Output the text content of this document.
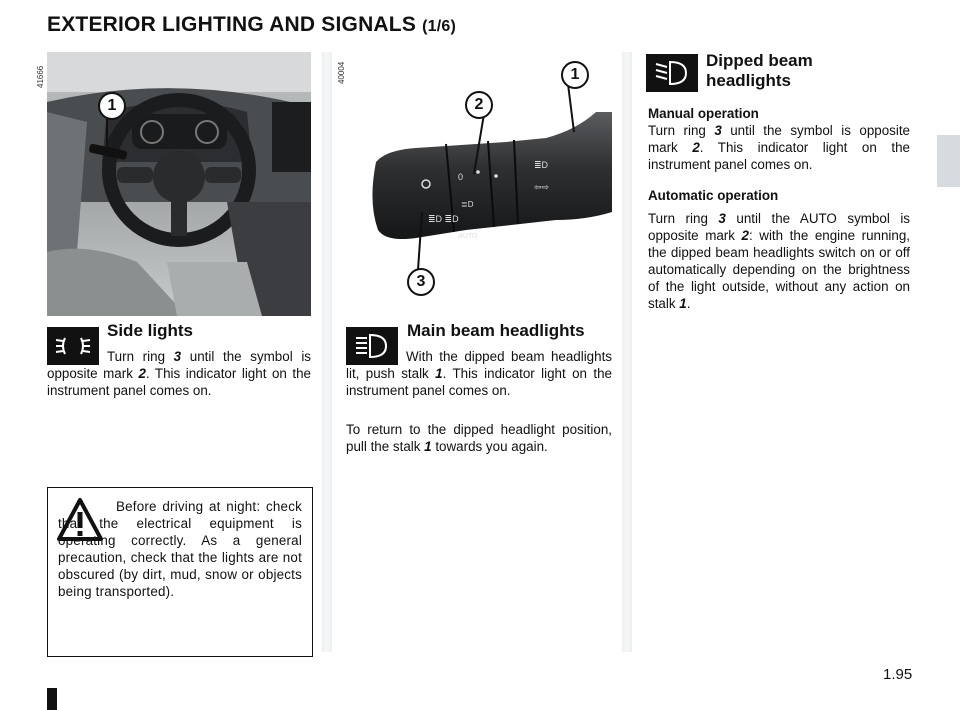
EXTERIOR LIGHTING AND SIGNALS (1/6)
41666
1
40004
0
≣D
≣D ≣D
AUTO
≣D
⇦⇨
1
2
3
Side lights
Turn ring 3 until the symbol is opposite mark 2. This indicator light on the instrument panel comes on.
Main beam headlights
With the dipped beam headlights lit, push stalk 1. This indicator light on the instrument panel comes on.
To return to the dipped headlight position, pull the stalk 1 towards you again.
Dipped beam
headlights
Manual operation
Turn ring 3 until the symbol is opposite mark 2. This indicator light on the instrument panel comes on.
Automatic operation
Turn ring 3 until the AUTO symbol is opposite mark 2: with the engine running, the dipped beam headlights switch on or off automatically depending on the brightness of the light outside, without any action on stalk 1.
Before driving at night: check that the electrical equipment is operating correctly. As a general precaution, check that the lights are not obscured (by dirt, mud, snow or objects being transported).
1.95
